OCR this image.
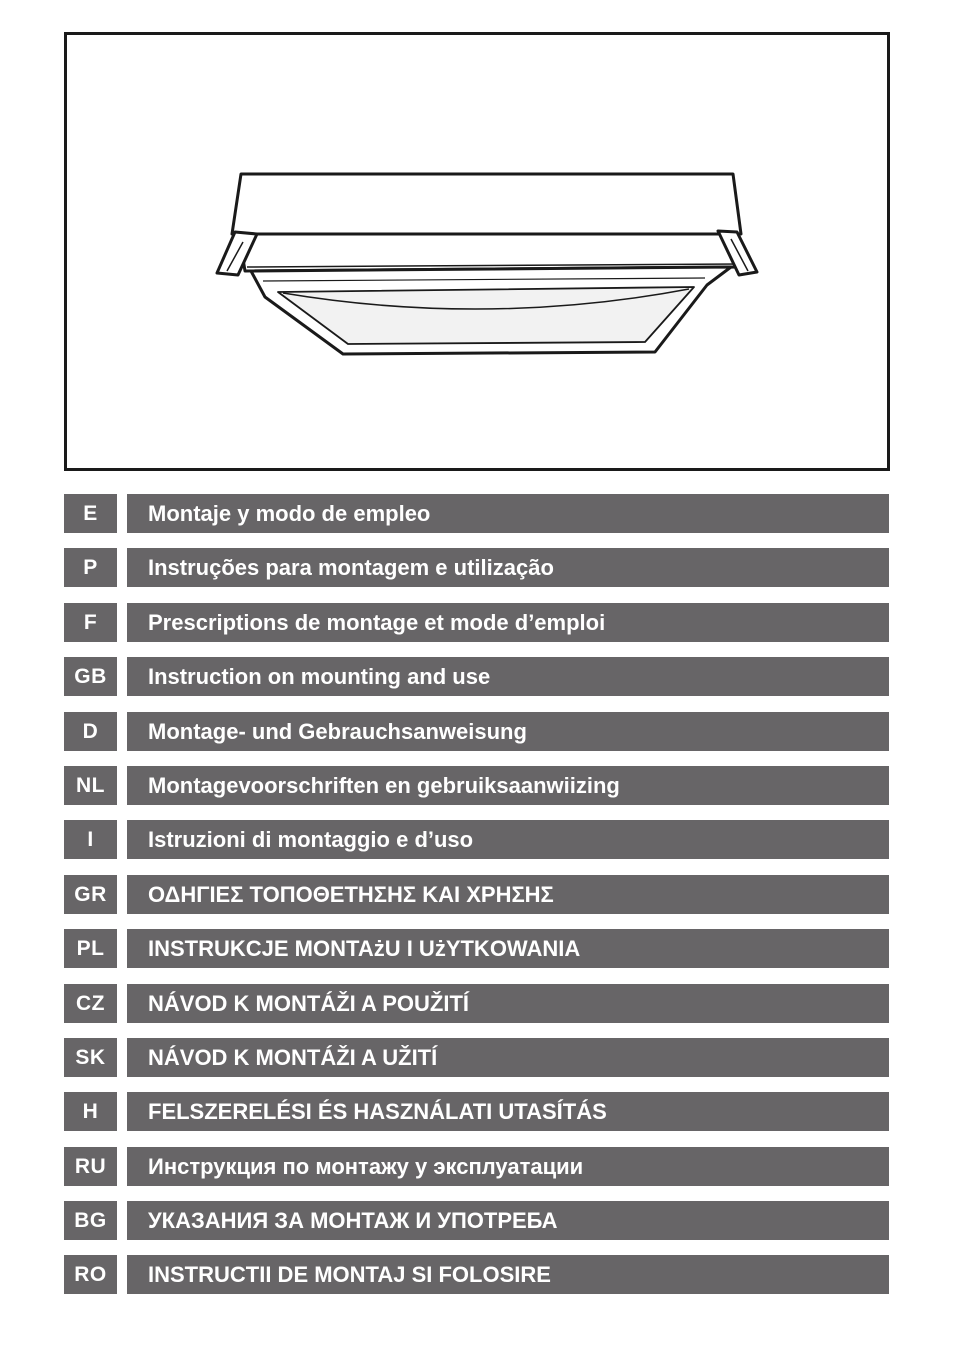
E	Montaje y modo de empleo
P	Instruções para montagem e utilização
F	Prescriptions de montage et mode d’emploi
GB	Instruction on mounting and use
D	Montage- und Gebrauchsanweisung
NL	Montagevoorschriften en gebruiksaanwiizing
I	Istruzioni di montaggio e d’uso
GR	ΟΔΗΓΙΕΣ ΤΟΠΟΘΕΤΗΣΗΣ ΚΑΙ ΧΡΗΣΗΣ
PL	INSTRUKCJE MONTAżU I UżYTKOWANIA
CZ	NÁVOD K MONTÁŽI A POUŽITÍ
SK	NÁVOD K MONTÁŽI A UŽITÍ
H	FELSZERELÉSI ÉS HASZNÁLATI UTASÍTÁS
RU	Инструкция по монтажу у эксплуатации
BG	УКАЗАНИЯ ЗА МОНТАЖ И УПОТРЕБА
RO	INSTRUCTII DE MONTAJ SI FOLOSIRE
